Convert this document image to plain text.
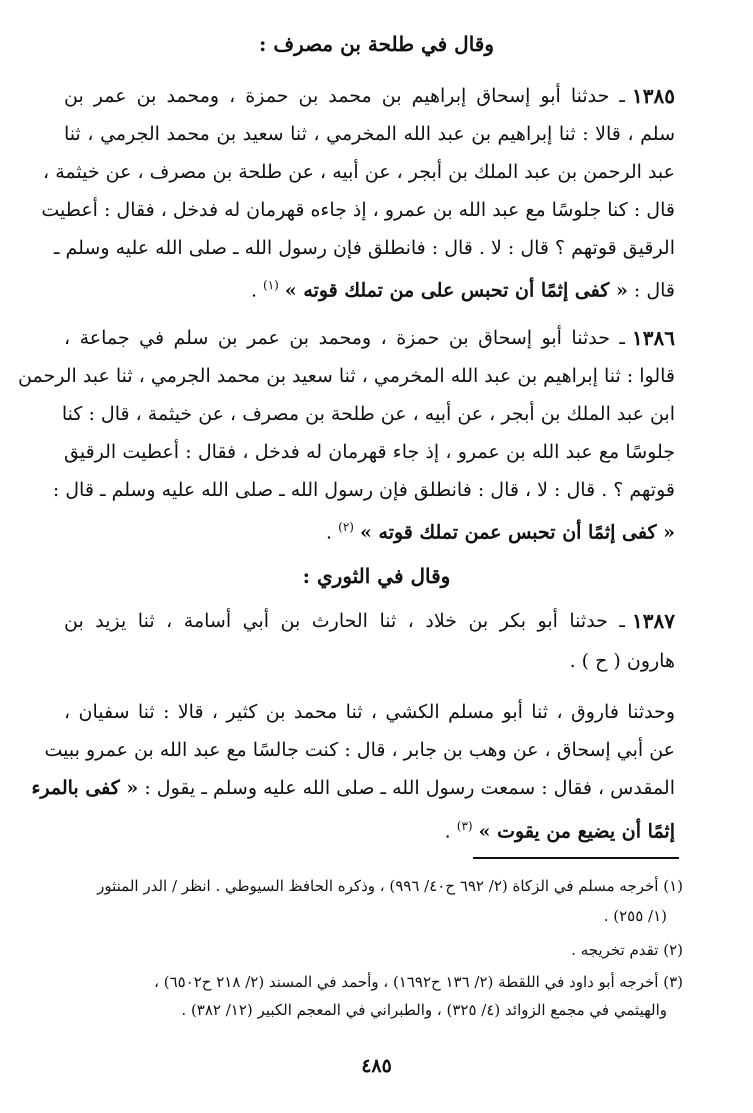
وقال في طلحة بن مصرف :
١٣٨٥
ـ حدثنا أبو إسحاق إبراهيم بن محمد بن حمزة ، ومحمد بن عمر بن
سلم ، قالا : ثنا إبراهيم بن عبد الله المخرمي ، ثنا سعيد بن محمد الجرمي ، ثنا
عبد الرحمن بن عبد الملك بن أبجر ، عن أبيه ، عن طلحة بن مصرف ، عن خيثمة ،
قال : كنا جلوسًا مع عبد الله بن عمرو ، إذ جاءه قهرمان له فدخل ، فقال : أعطيت
الرقيق قوتهم ؟ قال : لا . قال : فانطلق فإن رسول الله ـ صلى الله عليه وسلم ـ
قال : « كفى إثمًا أن تحبس على من تملك قوته » $^{(١)}$ .
١٣٨٦
ـ حدثنا أبو إسحاق بن حمزة ، ومحمد بن عمر بن سلم في جماعة ،
قالوا : ثنا إبراهيم بن عبد الله المخرمي ، ثنا سعيد بن محمد الجرمي ، ثنا عبد الرحمن
ابن عبد الملك بن أبجر ، عن أبيه ، عن طلحة بن مصرف ، عن خيثمة ، قال : كنا
جلوسًا مع عبد الله بن عمرو ، إذ جاء قهرمان له فدخل ، فقال : أعطيت الرقيق
قوتهم ؟ . قال : لا ، قال : فانطلق فإن رسول الله ـ صلى الله عليه وسلم ـ قال :
« كفى إثمًا أن تحبس عمن تملك قوته » $^{(٢)}$ .
وقال في الثوري :
١٣٨٧
ـ حدثنا أبو بكر بن خلاد ، ثنا الحارث بن أبي أسامة ، ثنا يزيد بن
هارون ( ح ) .
وحدثنا فاروق ، ثنا أبو مسلم الكشي ، ثنا محمد بن كثير ، قالا : ثنا سفيان ،
عن أبي إسحاق ، عن وهب بن جابر ، قال : كنت جالسًا مع عبد الله بن عمرو ببيت
المقدس ، فقال : سمعت رسول الله ـ صلى الله عليه وسلم ـ يقول : « كفى بالمرء
إثمًا أن يضيع من يقوت » $^{(٣)}$ .
(١) أخرجه مسلم في الزكاة (٢/ ٦٩٢ ح٤٠/ ٩٩٦) ، وذكره الحافظ السيوطي . انظر / الدر المنثور
(١/ ٢٥٥) .
(٢) تقدم تخريجه .
(٣) أخرجه أبو داود في اللقطة (٢/ ١٣٦ ح١٦٩٢) ، وأحمد في المسند (٢/ ٢١٨ ح٦٥٠٢) ،
والهيثمي في مجمع الزوائد (٤/ ٣٢٥) ، والطبراني في المعجم الكبير (١٢/ ٣٨٢) .
٤٨٥
